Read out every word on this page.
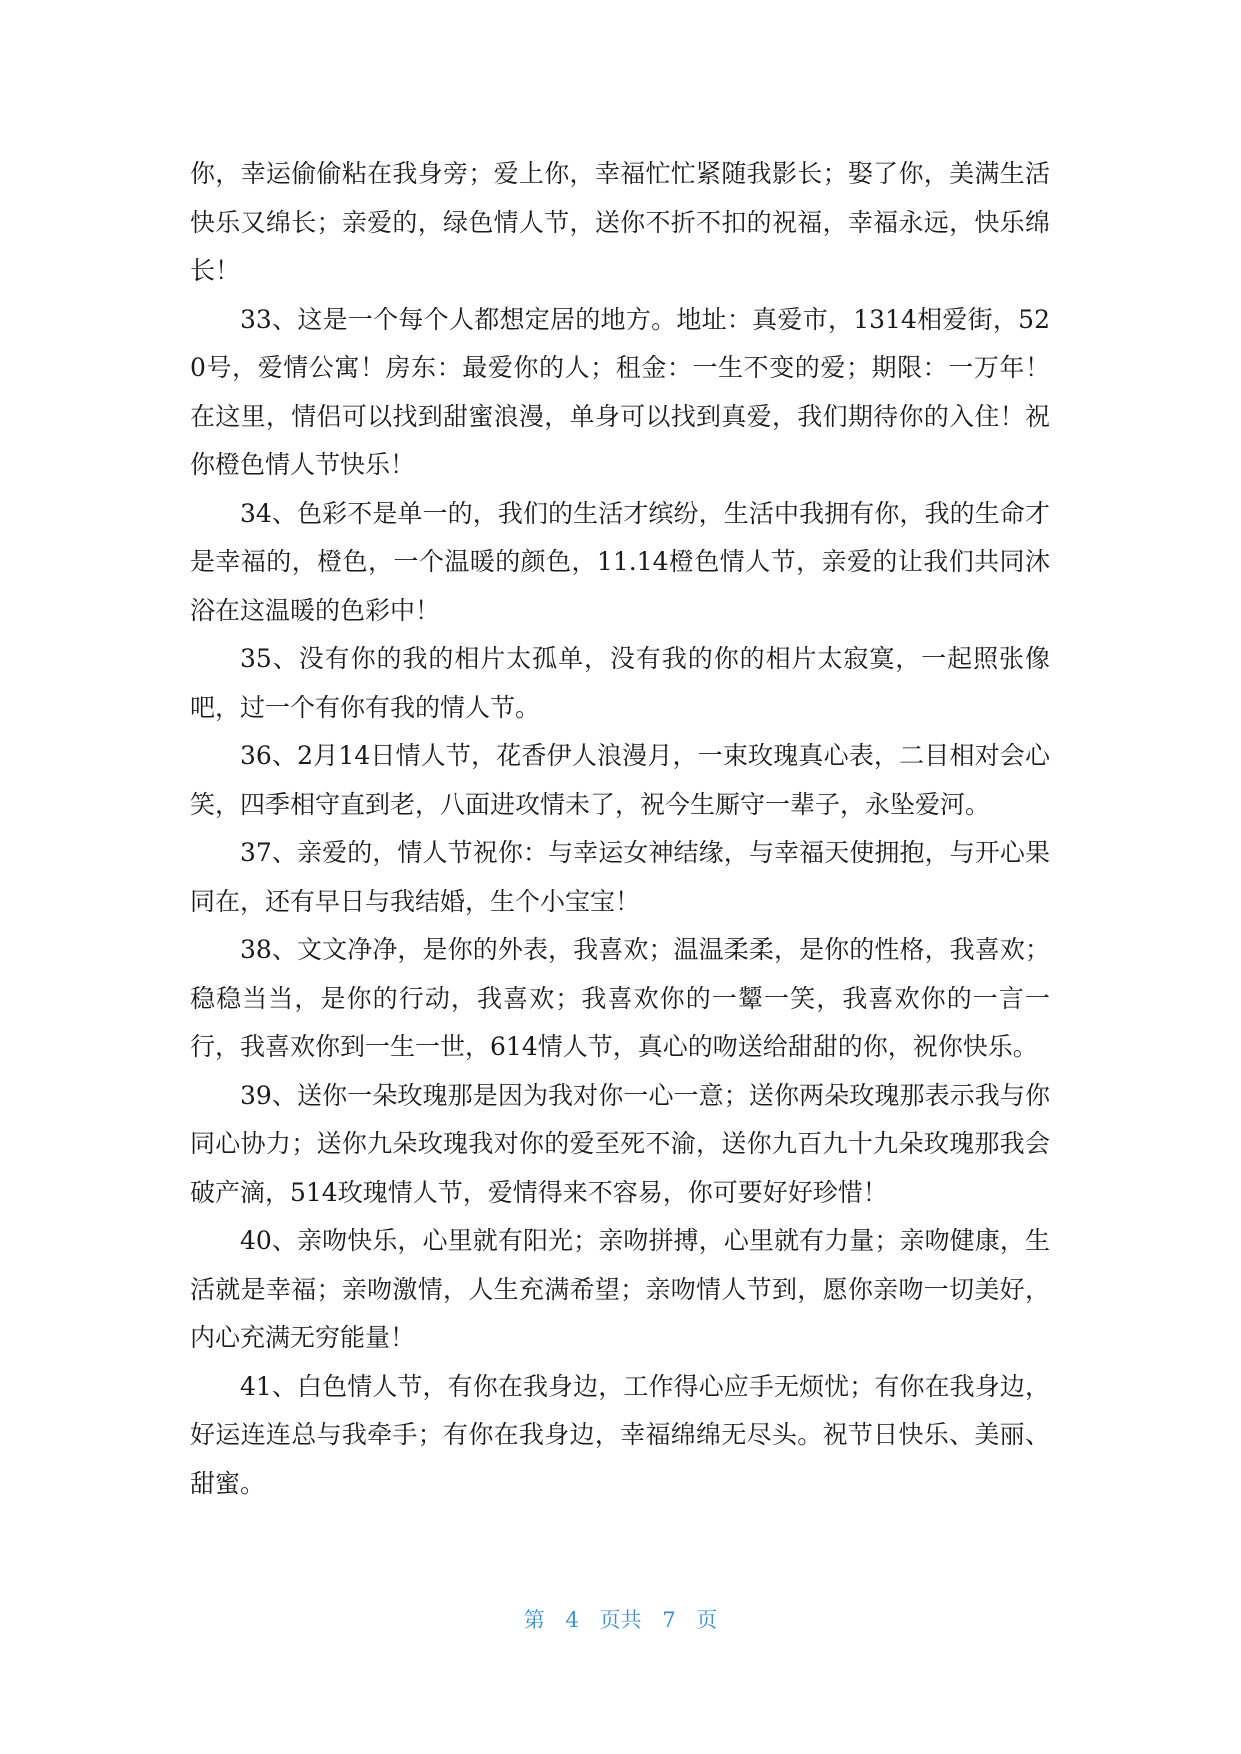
你，幸运偷偷粘在我身旁；爱上你，幸福忙忙紧随我影长；娶了你，美满生活快乐又绵长；亲爱的，绿色情人节，送你不折不扣的祝福，幸福永远，快乐绵长！

33、这是一个每个人都想定居的地方。地址：真爱市，1314相爱街，520号，爱情公寓！房东：最爱你的人；租金：一生不变的爱；期限：一万年！在这里，情侣可以找到甜蜜浪漫，单身可以找到真爱，我们期待你的入住！祝你橙色情人节快乐！

34、色彩不是单一的，我们的生活才缤纷，生活中我拥有你，我的生命才是幸福的，橙色，一个温暖的颜色，11.14橙色情人节，亲爱的让我们共同沐浴在这温暖的色彩中！

35、没有你的我的相片太孤单，没有我的你的相片太寂寞，一起照张像吧，过一个有你有我的情人节。

36、2月14日情人节，花香伊人浪漫月，一束玫瑰真心表，二目相对会心笑，四季相守直到老，八面进攻情未了，祝今生厮守一辈子，永坠爱河。

37、亲爱的，情人节祝你：与幸运女神结缘，与幸福天使拥抱，与开心果同在，还有早日与我结婚，生个小宝宝！

38、文文净净，是你的外表，我喜欢；温温柔柔，是你的性格，我喜欢；稳稳当当，是你的行动，我喜欢；我喜欢你的一颦一笑，我喜欢你的一言一行，我喜欢你到一生一世，614情人节，真心的吻送给甜甜的你，祝你快乐。

39、送你一朵玫瑰那是因为我对你一心一意；送你两朵玫瑰那表示我与你同心协力；送你九朵玫瑰我对你的爱至死不渝，送你九百九十九朵玫瑰那我会破产滴，514玫瑰情人节，爱情得来不容易，你可要好好珍惜！

40、亲吻快乐，心里就有阳光；亲吻拼搏，心里就有力量；亲吻健康，生活就是幸福；亲吻激情，人生充满希望；亲吻情人节到，愿你亲吻一切美好，内心充满无穷能量！

41、白色情人节，有你在我身边，工作得心应手无烦忧；有你在我身边，好运连连总与我牵手；有你在我身边，幸福绵绵无尽头。祝节日快乐、美丽、甜蜜。

第 4 页共 7 页
